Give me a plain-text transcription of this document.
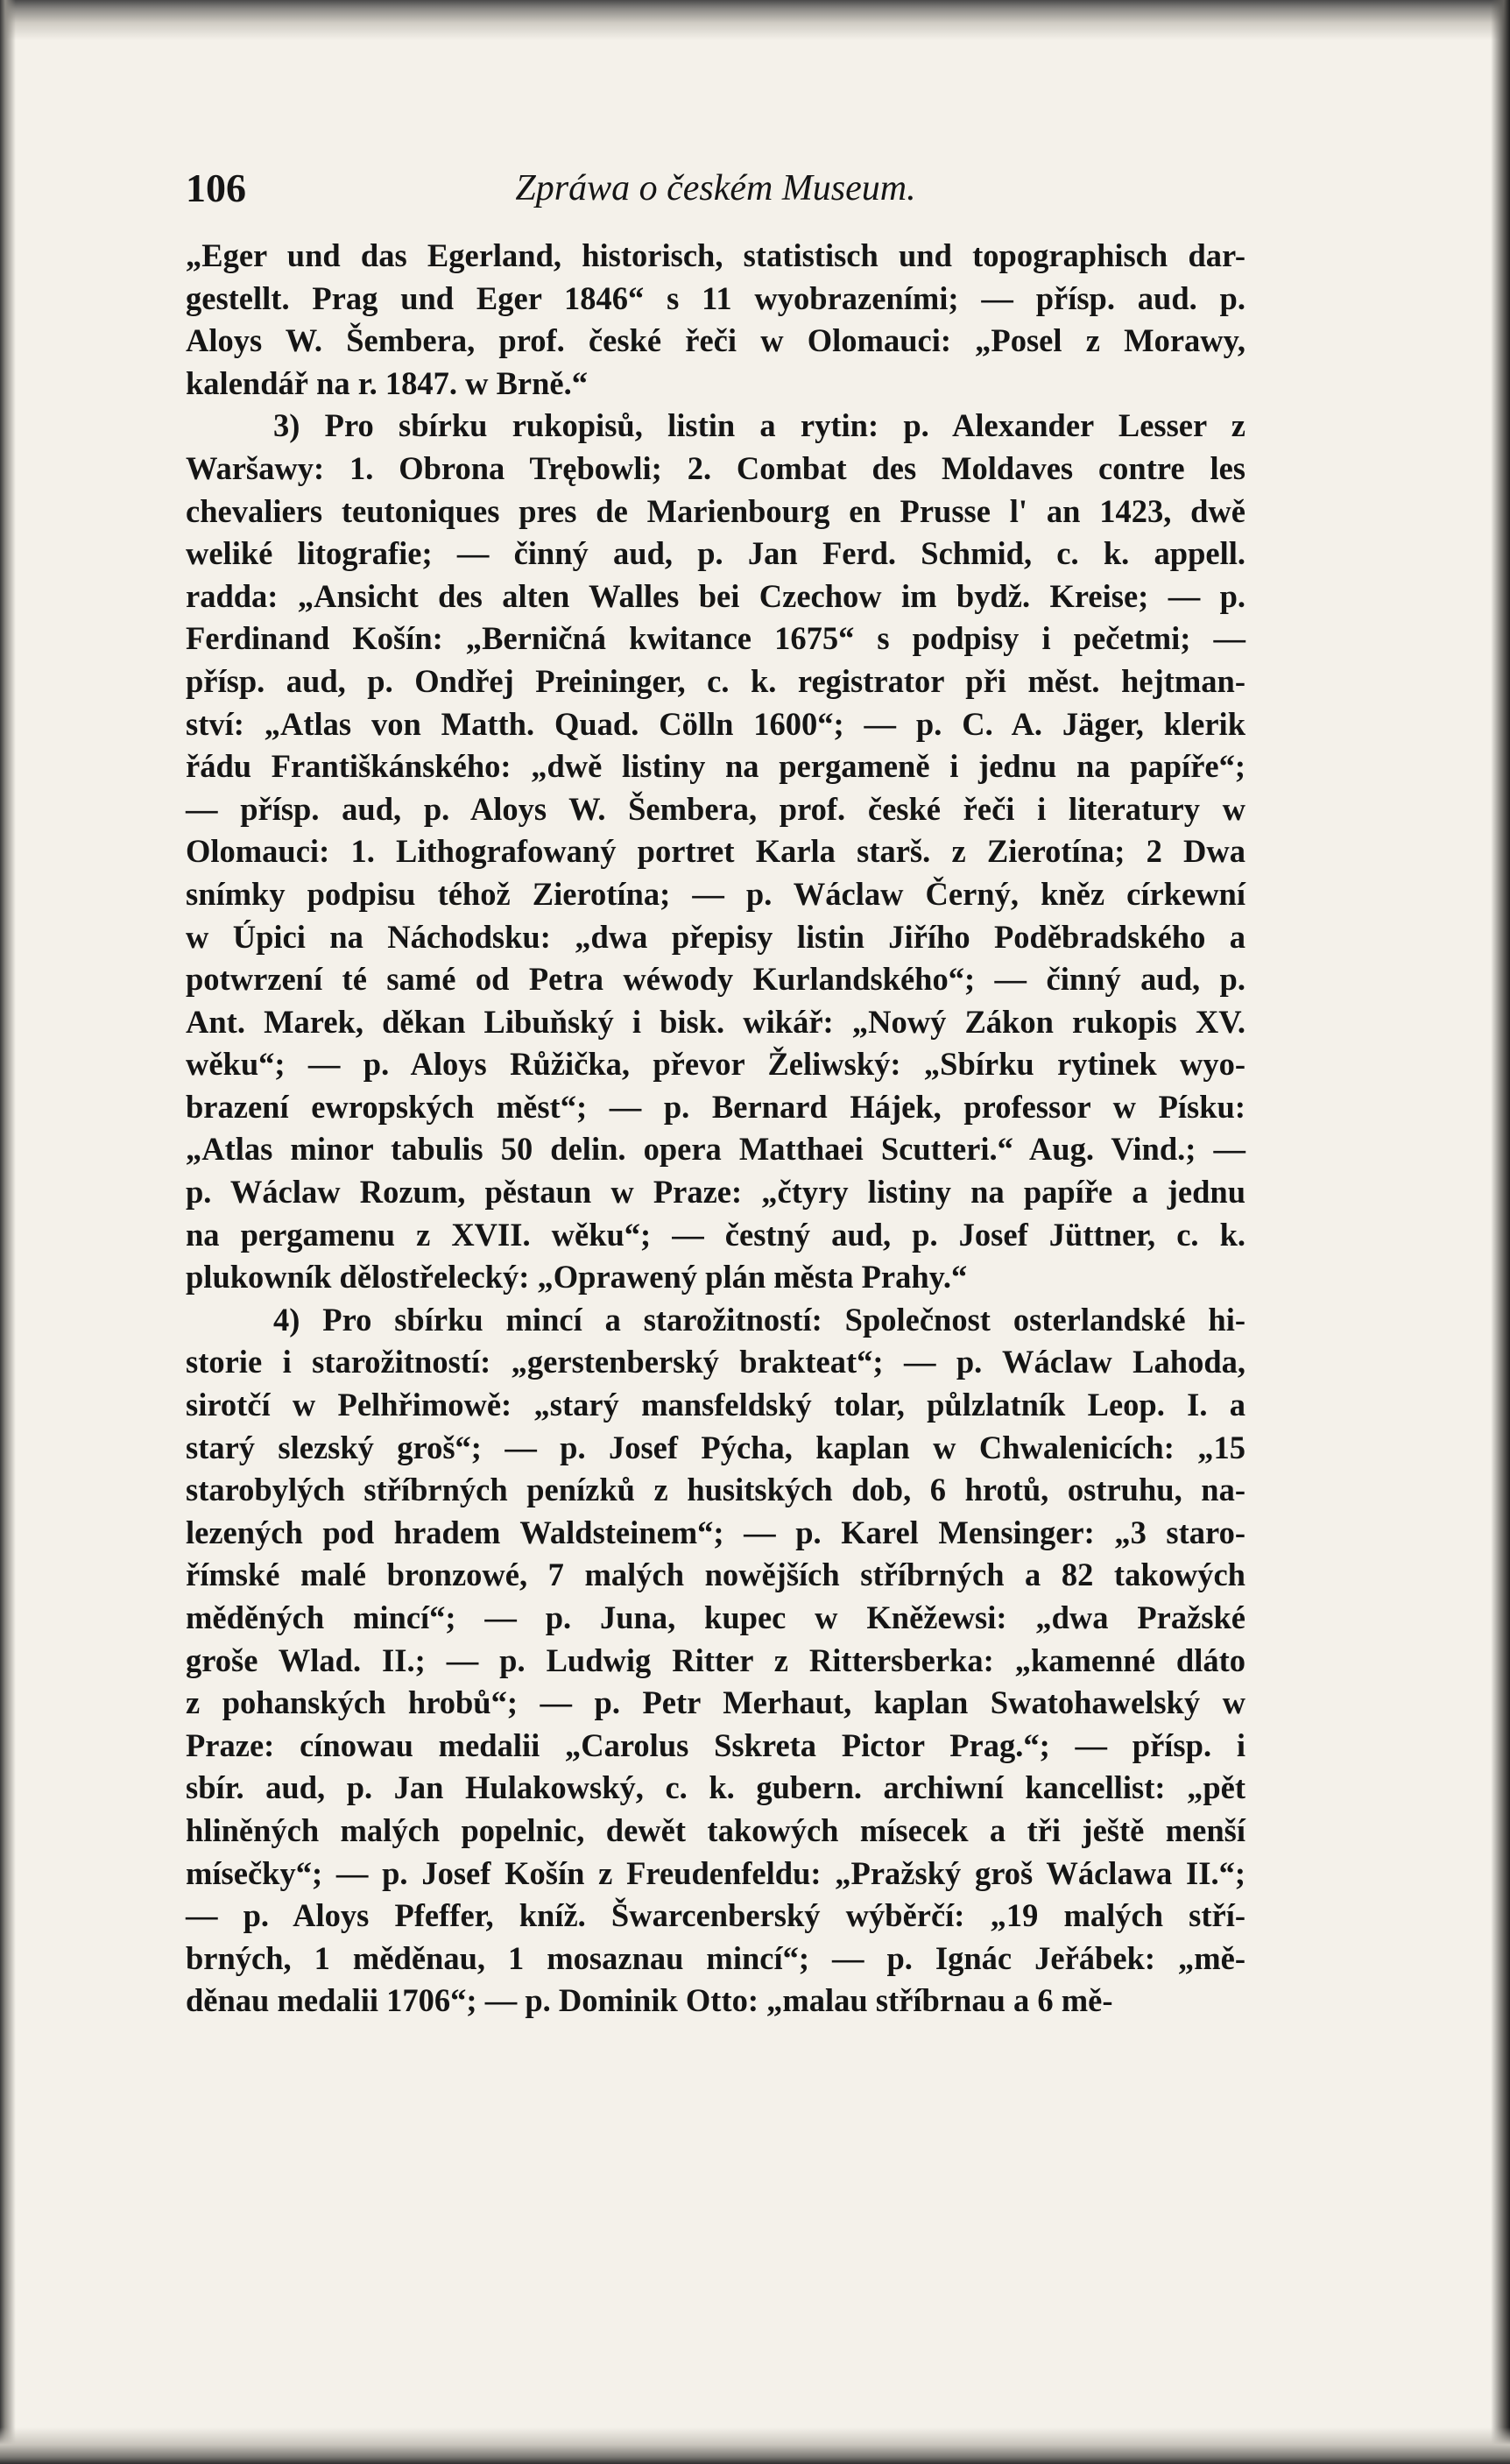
106	Zpráwa o českém Museum.
„Eger und das Egerland, historisch, statistisch und topographisch dar-
gestellt. Prag und Eger 1846“ s 11 wyobrazeními; — přísp. aud. p.
Aloys W. Šembera, prof. české řeči w Olomauci: „Posel z Morawy,
kalendář na r. 1847. w Brně.“
3) Pro sbírku rukopisů, listin a rytin: p. Alexander Lesser z
Waršawy: 1. Obrona Trębowli; 2. Combat des Moldaves contre les
chevaliers teutoniques pres de Marienbourg en Prusse l' an 1423, dwě
weliké litografie; — činný aud, p. Jan Ferd. Schmid, c. k. appell.
radda: „Ansicht des alten Walles bei Czechow im bydž. Kreise; — p.
Ferdinand Košín: „Berničná kwitance 1675“ s podpisy i pečetmi; —
přísp. aud, p. Ondřej Preininger, c. k. registrator při měst. hejtman-
ství: „Atlas von Matth. Quad. Cölln 1600“; — p. C. A. Jäger, klerik
řádu Františkánského: „dwě listiny na pergameně i jednu na papíře“;
— přísp. aud, p. Aloys W. Šembera, prof. české řeči i literatury w
Olomauci: 1. Lithografowaný portret Karla starš. z Zierotína; 2 Dwa
snímky podpisu téhož Zierotína; — p. Wáclaw Černý, kněz církewní
w Úpici na Náchodsku: „dwa přepisy listin Jiřího Poděbradského a
potwrzení té samé od Petra wéwody Kurlandského“; — činný aud, p.
Ant. Marek, děkan Libuňský i bisk. wikář: „Nowý Zákon rukopis XV.
wěku“; — p. Aloys Růžička, převor Želiwský: „Sbírku rytinek wyo-
brazení ewropských měst“; — p. Bernard Hájek, professor w Písku:
„Atlas minor tabulis 50 delin. opera Matthaei Scutteri.“ Aug. Vind.; —
p. Wáclaw Rozum, pěstaun w Praze: „čtyry listiny na papíře a jednu
na pergamenu z XVII. wěku“; — čestný aud, p. Josef Jüttner, c. k.
plukowník dělostřelecký: „Oprawený plán města Prahy.“
4) Pro sbírku mincí a starožitností: Společnost osterlandské hi-
storie i starožitností: „gerstenberský brakteat“; — p. Wáclaw Lahoda,
sirotčí w Pelhřimowě: „starý mansfeldský tolar, půlzlatník Leop. I. a
starý slezský groš“; — p. Josef Pýcha, kaplan w Chwalenicích: „15
starobylých stříbrných penízků z husitských dob, 6 hrotů, ostruhu, na-
lezených pod hradem Waldsteinem“; — p. Karel Mensinger: „3 staro-
římské malé bronzowé, 7 malých nowějších stříbrných a 82 takowých
měděných mincí“; — p. Juna, kupec w Kněžewsi: „dwa Pražské
groše Wlad. II.; — p. Ludwig Ritter z Rittersberka: „kamenné dláto
z pohanských hrobů“; — p. Petr Merhaut, kaplan Swatohawelský w
Praze: cínowau medalii „Carolus Sskreta Pictor Prag.“; — přísp. i
sbír. aud, p. Jan Hulakowský, c. k. gubern. archiwní kancellist: „pět
hliněných malých popelnic, dewět takowých mísecek a tři ještě menší
mísečky“; — p. Josef Košín z Freudenfeldu: „Pražský groš Wáclawa II.“;
— p. Aloys Pfeffer, kníž. Šwarcenberský wýběrčí: „19 malých stří-
brných, 1 měděnau, 1 mosaznau mincí“; — p. Ignác Jeřábek: „mě-
děnau medalii 1706“; — p. Dominik Otto: „malau stříbrnau a 6 mě-
